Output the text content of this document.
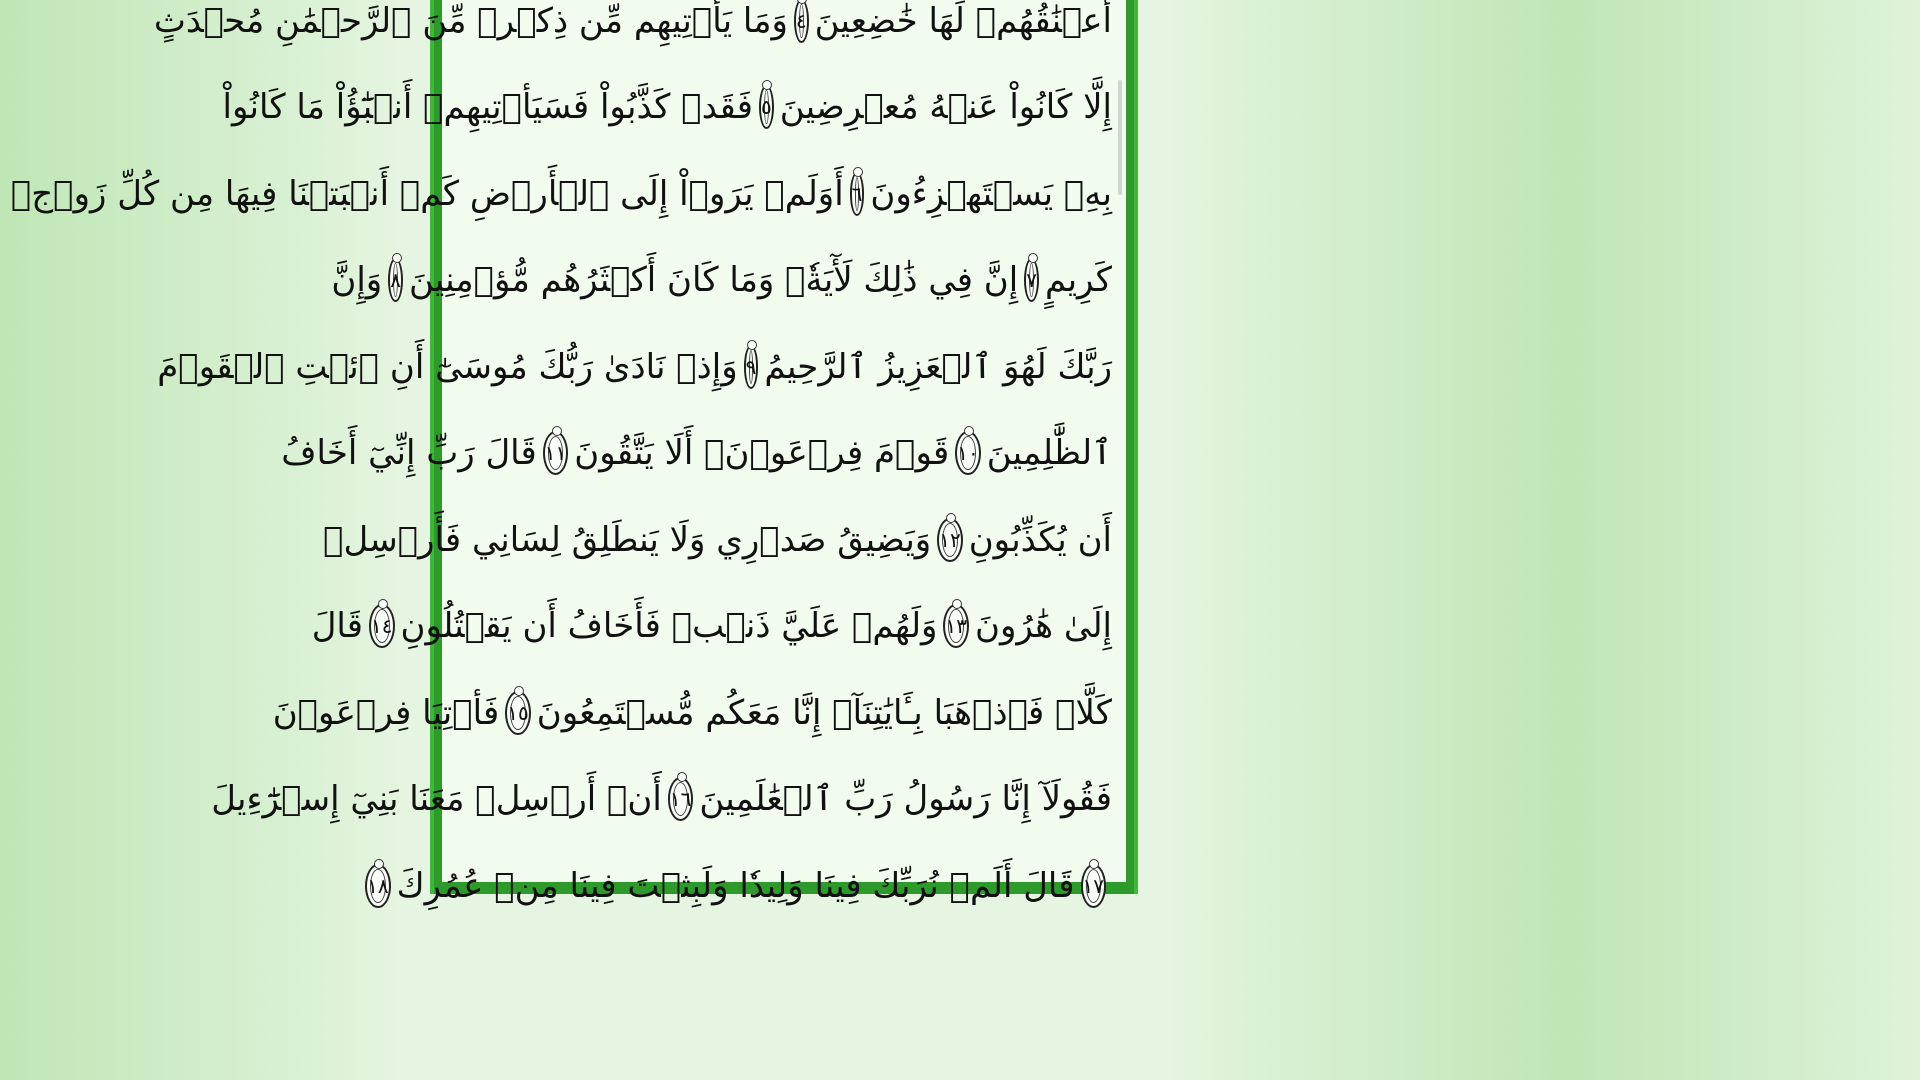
أَعۡنَٰقُهُمۡ لَهَا خَٰضِعِينَ
٤
وَمَا يَأۡتِيهِم مِّن ذِكۡرٖ مِّنَ ٱلرَّحۡمَٰنِ مُحۡدَثٍ
إِلَّا كَانُواْ عَنۡهُ مُعۡرِضِينَ
٥
فَقَدۡ كَذَّبُواْ فَسَيَأۡتِيهِمۡ أَنۢبَٰٓؤُاْ مَا كَانُواْ
بِهِۦ يَسۡتَهۡزِءُونَ
٦
أَوَلَمۡ يَرَوۡاْ إِلَى ٱلۡأَرۡضِ كَمۡ أَنۢبَتۡنَا فِيهَا مِن كُلِّ زَوۡجٖ
كَرِيمٍ
٧
إِنَّ فِي ذَٰلِكَ لَأٓيَةٗۖ وَمَا كَانَ أَكۡثَرُهُم مُّؤۡمِنِينَ
٨
وَإِنَّ
رَبَّكَ لَهُوَ ٱلۡعَزِيزُ ٱلرَّحِيمُ
٩
وَإِذۡ نَادَىٰ رَبُّكَ مُوسَىٰٓ أَنِ ٱئۡتِ ٱلۡقَوۡمَ
ٱلظَّٰلِمِينَ
١٠
قَوۡمَ فِرۡعَوۡنَۚ أَلَا يَتَّقُونَ
١١
قَالَ رَبِّ إِنِّيٓ أَخَافُ
أَن يُكَذِّبُونِ
١٢
وَيَضِيقُ صَدۡرِي وَلَا يَنطَلِقُ لِسَانِي فَأَرۡسِلۡ
إِلَىٰ هَٰرُونَ
١٣
وَلَهُمۡ عَلَيَّ ذَنۢبٞ فَأَخَافُ أَن يَقۡتُلُونِ
١٤
قَالَ
كَلَّاۖ فَٱذۡهَبَا بِـَٔايَٰتِنَآۖ إِنَّا مَعَكُم مُّسۡتَمِعُونَ
١٥
فَأۡتِيَا فِرۡعَوۡنَ
فَقُولَآ إِنَّا رَسُولُ رَبِّ ٱلۡعَٰلَمِينَ
١٦
أَنۡ أَرۡسِلۡ مَعَنَا بَنِيٓ إِسۡرَٰٓءِيلَ
١٧
قَالَ أَلَمۡ نُرَبِّكَ فِينَا وَلِيدٗا وَلَبِثۡتَ فِينَا مِنۡ عُمُرِكَ
١٨
